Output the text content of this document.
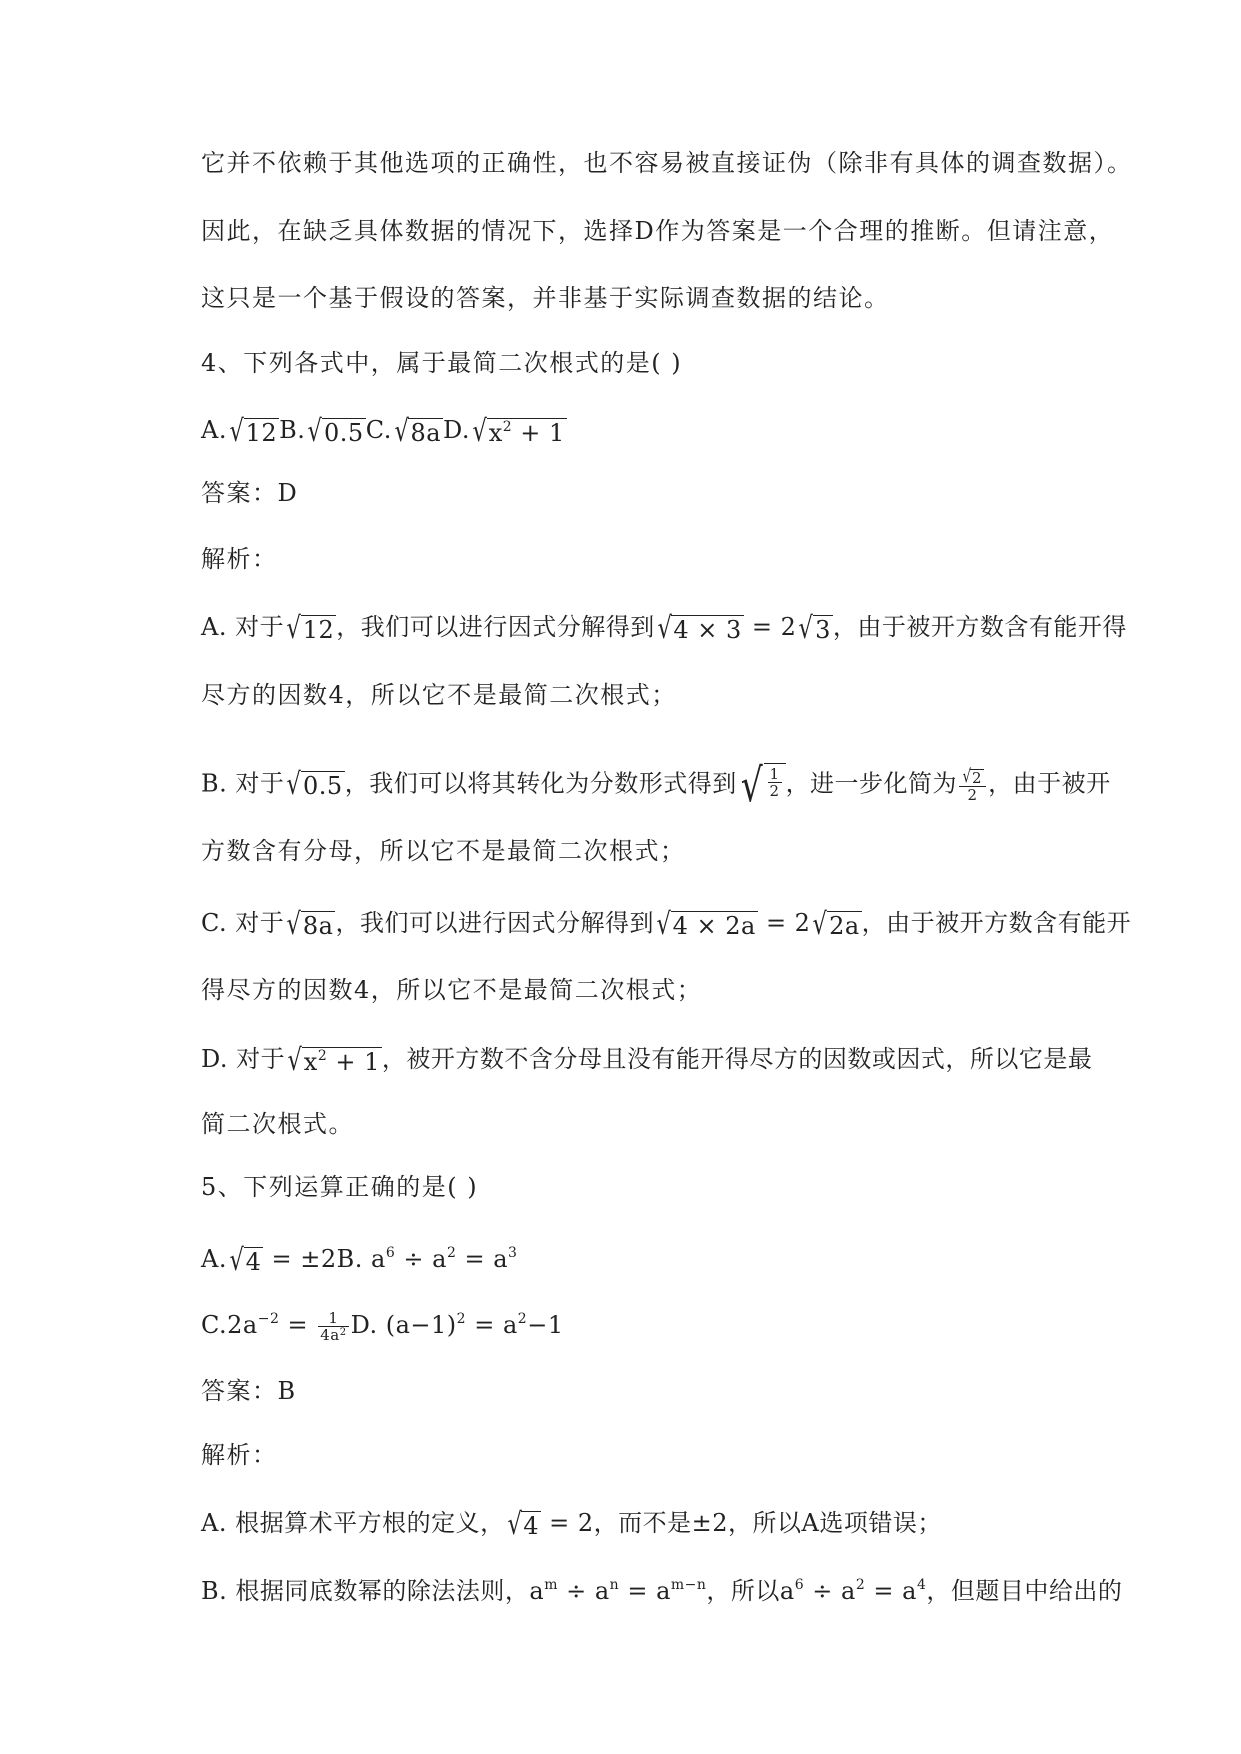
它并不依赖于其他选项的正确性，也不容易被直接证伪（除非有具体的调查数据）。
因此，在缺乏具体数据的情况下，选择D作为答案是一个合理的推断。但请注意，
这只是一个基于假设的答案，并非基于实际调查数据的结论。
4、下列各式中，属于最简二次根式的是( )
A. √ 12 B. √ 0.5 C. √ 8a D. √ $x^2 + 1$
答案：D
解析：
A. 对于 √ 12 ，我们可以进行因式分解得到 √ 4 × 3 = 2 √ 3 ，由于被开方数含有能开得
尽方的因数4，所以它不是最简二次根式；
B. 对于 √ 0.5 ，我们可以将其转化为分数形式得到 √ $\frac{1}{2}$ ，进一步化简为 $\frac{√ 2}{2}$ ，由于被开
方数含有分母，所以它不是最简二次根式；
C. 对于 √ 8a ，我们可以进行因式分解得到 √ 4 × 2a = 2 √ 2a ，由于被开方数含有能开
得尽方的因数4，所以它不是最简二次根式；
D. 对于 √ $x^2 + 1$ ，被开方数不含分母且没有能开得尽方的因数或因式，所以它是最
简二次根式。
5、下列运算正确的是( )
A. √ 4 = ±2B. $a^6 \div a^2 = a^3$
$C.2a^{-2} = \frac{1}{4a^2} D$. $(a-1)^2 = a^2-1$
答案：B
解析：
A. 根据算术平方根的定义， √ 4 = 2，而不是±2，所以A选项错误；
B. 根据同底数幂的除法法则，$a^m \div a^n = a^{m-n}$，所以$a^6 \div a^2 = a^4$，但题目中给出的
